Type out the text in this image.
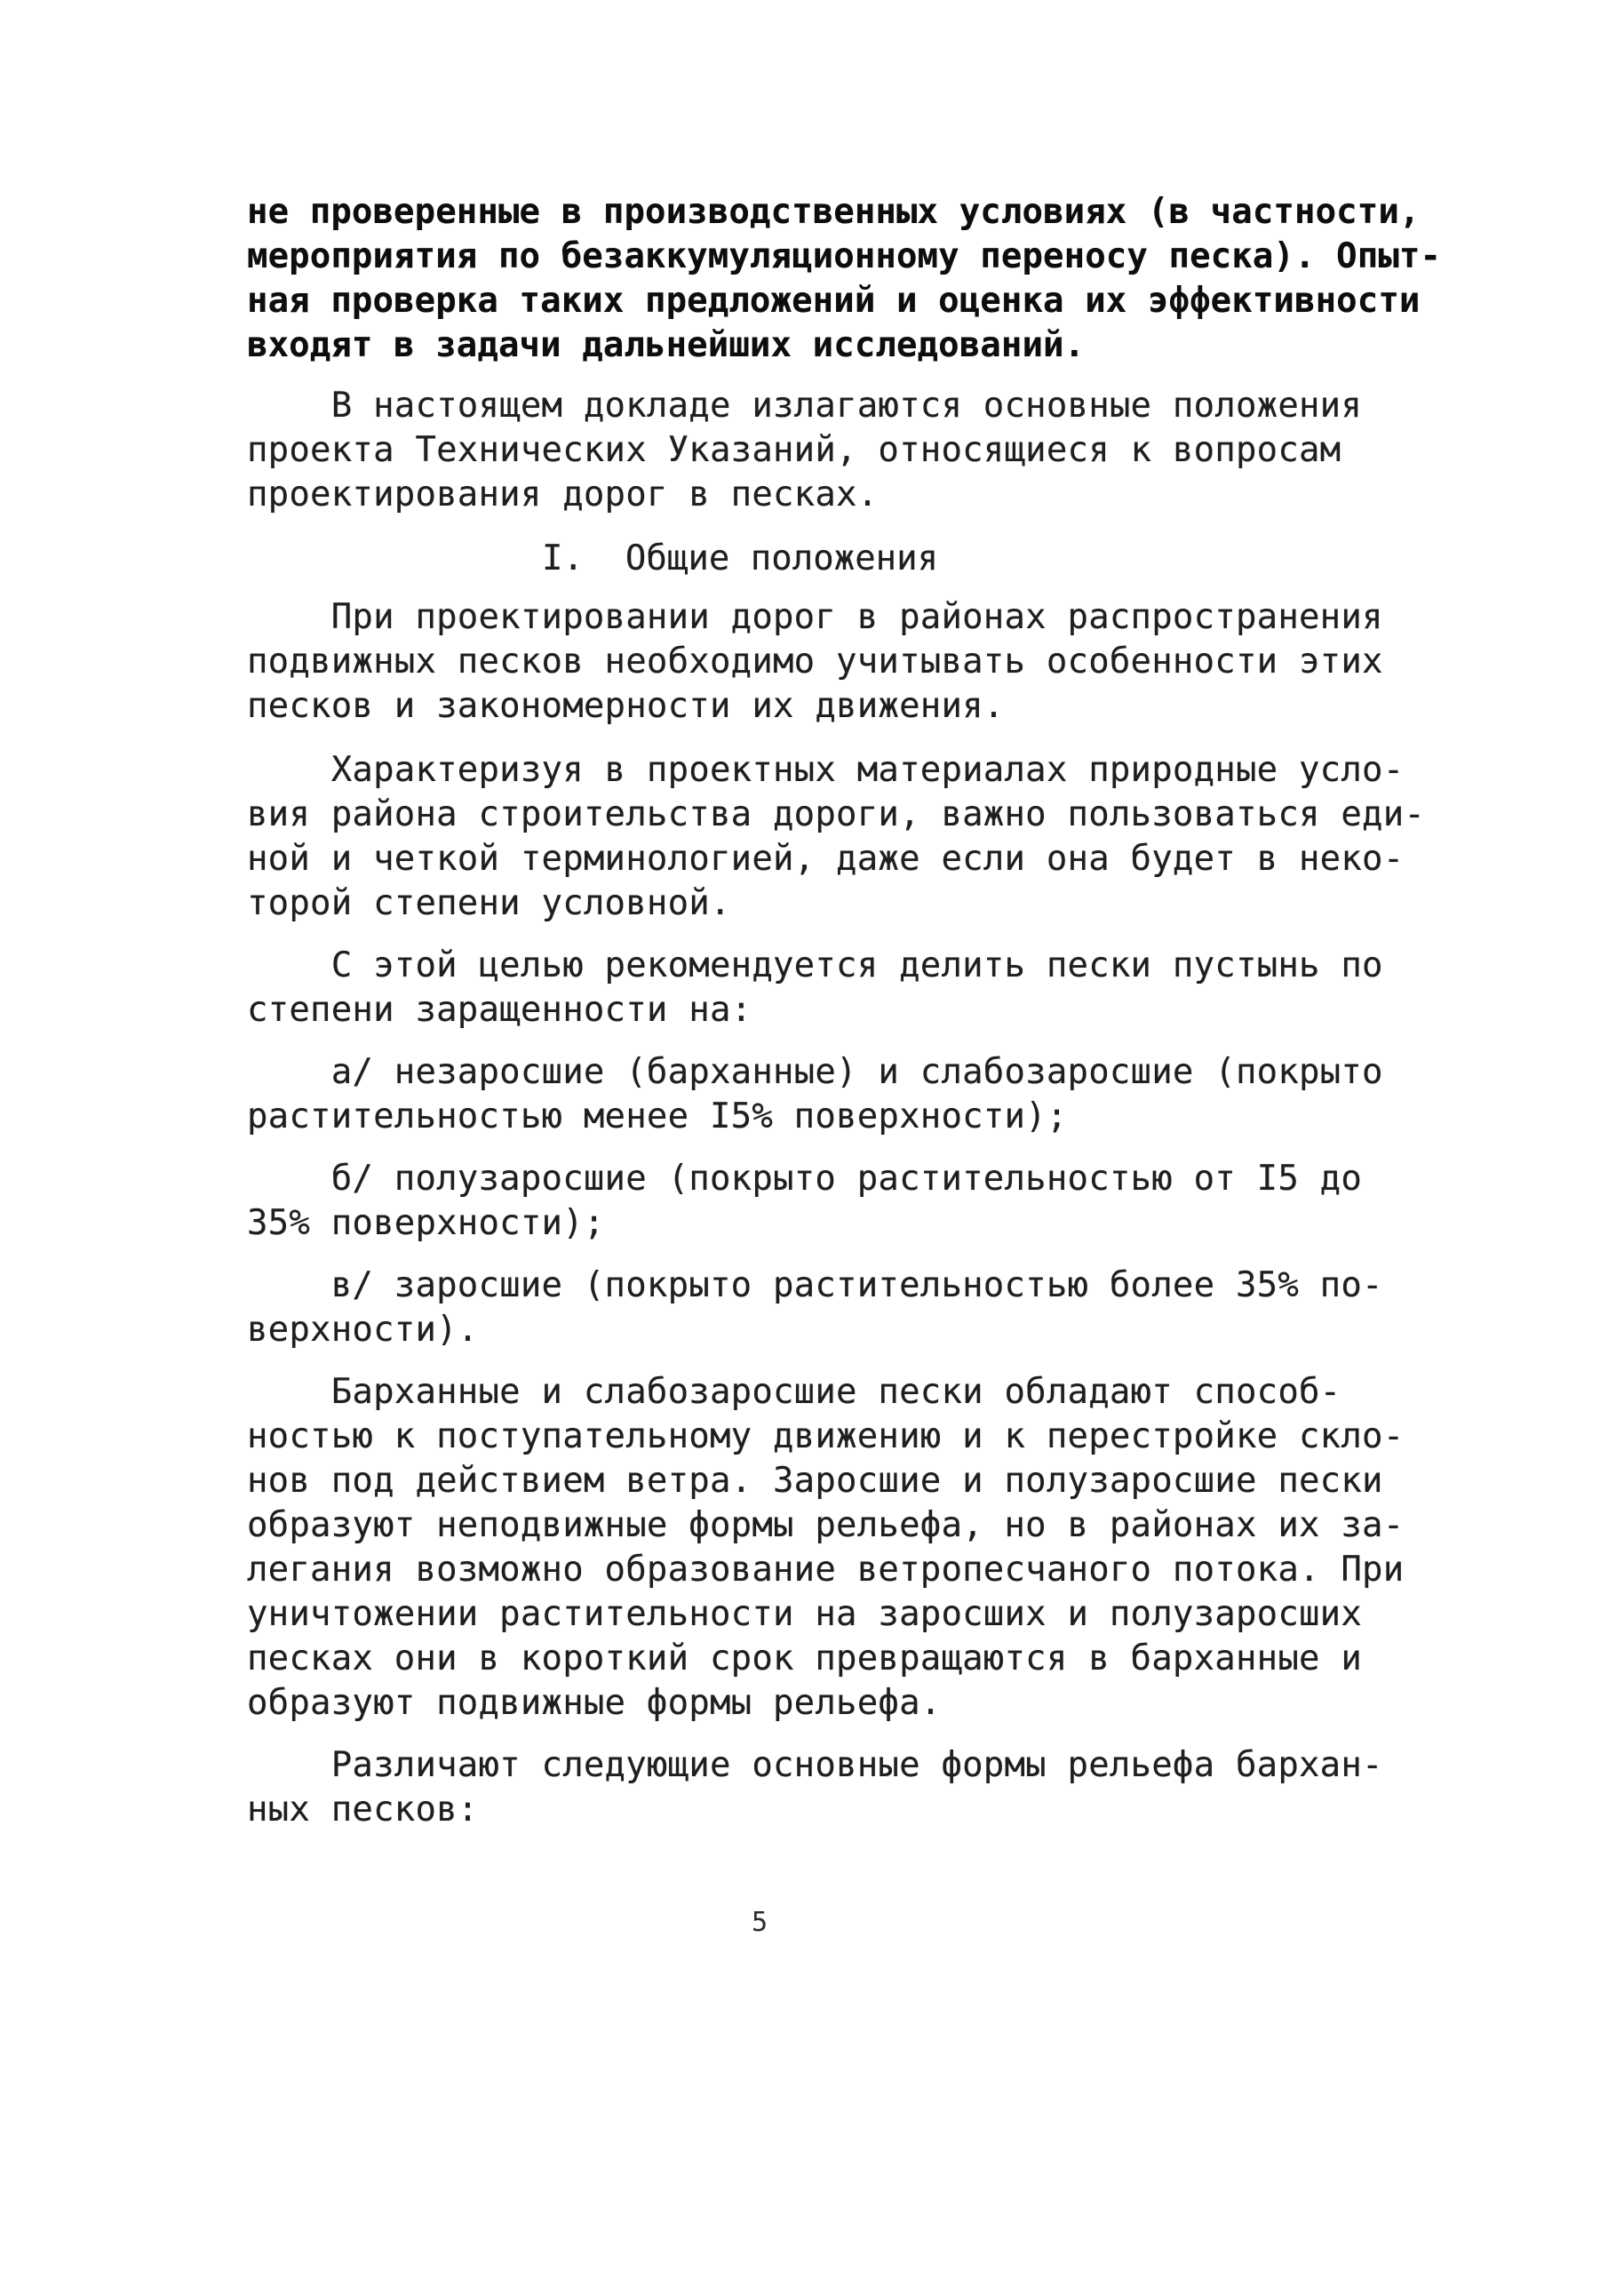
не проверенные в производственных условиях (в частности,
мероприятия по безаккумуляционному переносу песка). Опыт-
ная проверка таких предложений и оценка их эффективности
входят в задачи дальнейших исследований.
В настоящем докладе излагаются основные положения
проекта Технических Указаний, относящиеся к вопросам
проектирования дорог в песках.
I.  Общие положения
При проектировании дорог в районах распространения
подвижных песков необходимо учитывать особенности этих
песков и закономерности их движения.
Характеризуя в проектных материалах природные усло-
вия района строительства дороги, важно пользоваться еди-
ной и четкой терминологией, даже если она будет в неко-
торой степени условной.
С этой целью рекомендуется делить пески пустынь по
степени заращенности на:
а/ незаросшие (барханные) и слабозаросшие (покрыто
растительностью менее I5% поверхности);
б/ полузаросшие (покрыто растительностью от I5 до
35% поверхности);
в/ заросшие (покрыто растительностью более 35% по-
верхности).
Барханные и слабозаросшие пески обладают способ-
ностью к поступательному движению и к перестройке скло-
нов под действием ветра. Заросшие и полузаросшие пески
образуют неподвижные формы рельефа, но в районах их за-
легания возможно образование ветропесчаного потока. При
уничтожении растительности на заросших и полузаросших
песках они в короткий срок превращаются в барханные и
образуют подвижные формы рельефа.
Различают следующие основные формы рельефа бархан-
ных песков:
5
